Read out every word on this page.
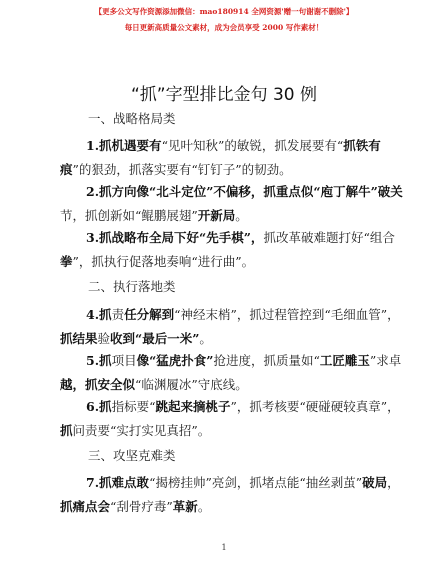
【更多公文写作资源添加微信：mao180914 全网资源'赠一句谢谢不删除'】
每日更新高质量公文素材，成为会员享受 2000 写作素材！
“抓”字型排比金句 30 例
一、战略格局类
1.抓机遇要有“见叶知秋”的敏锐，抓发展要有“抓铁有
痕”的狠劲，抓落实要有“钉钉子”的韧劲。
2.抓方向像“北斗定位”不偏移，抓重点似“庖丁解牛”破关
节，抓创新如“鲲鹏展翅”开新局。
3.抓战略布全局下好“先手棋”，抓改革破难题打好“组合
拳”，抓执行促落地奏响“进行曲”。
二、执行落地类
4.抓责任分解到“神经末梢”，抓过程管控到“毛细血管”，
抓结果验收到“最后一米”。
5.抓项目像“猛虎扑食”抢进度，抓质量如“工匠雕玉”求卓
越，抓安全似“临渊履冰”守底线。
6.抓指标要“跳起来摘桃子”，抓考核要“硬碰硬较真章”，
抓问责要“实打实见真招”。
三、攻坚克难类
7.抓难点敢“揭榜挂帅”亮剑，抓堵点能“抽丝剥茧”破局，
抓痛点会“刮骨疗毒”革新。
1
